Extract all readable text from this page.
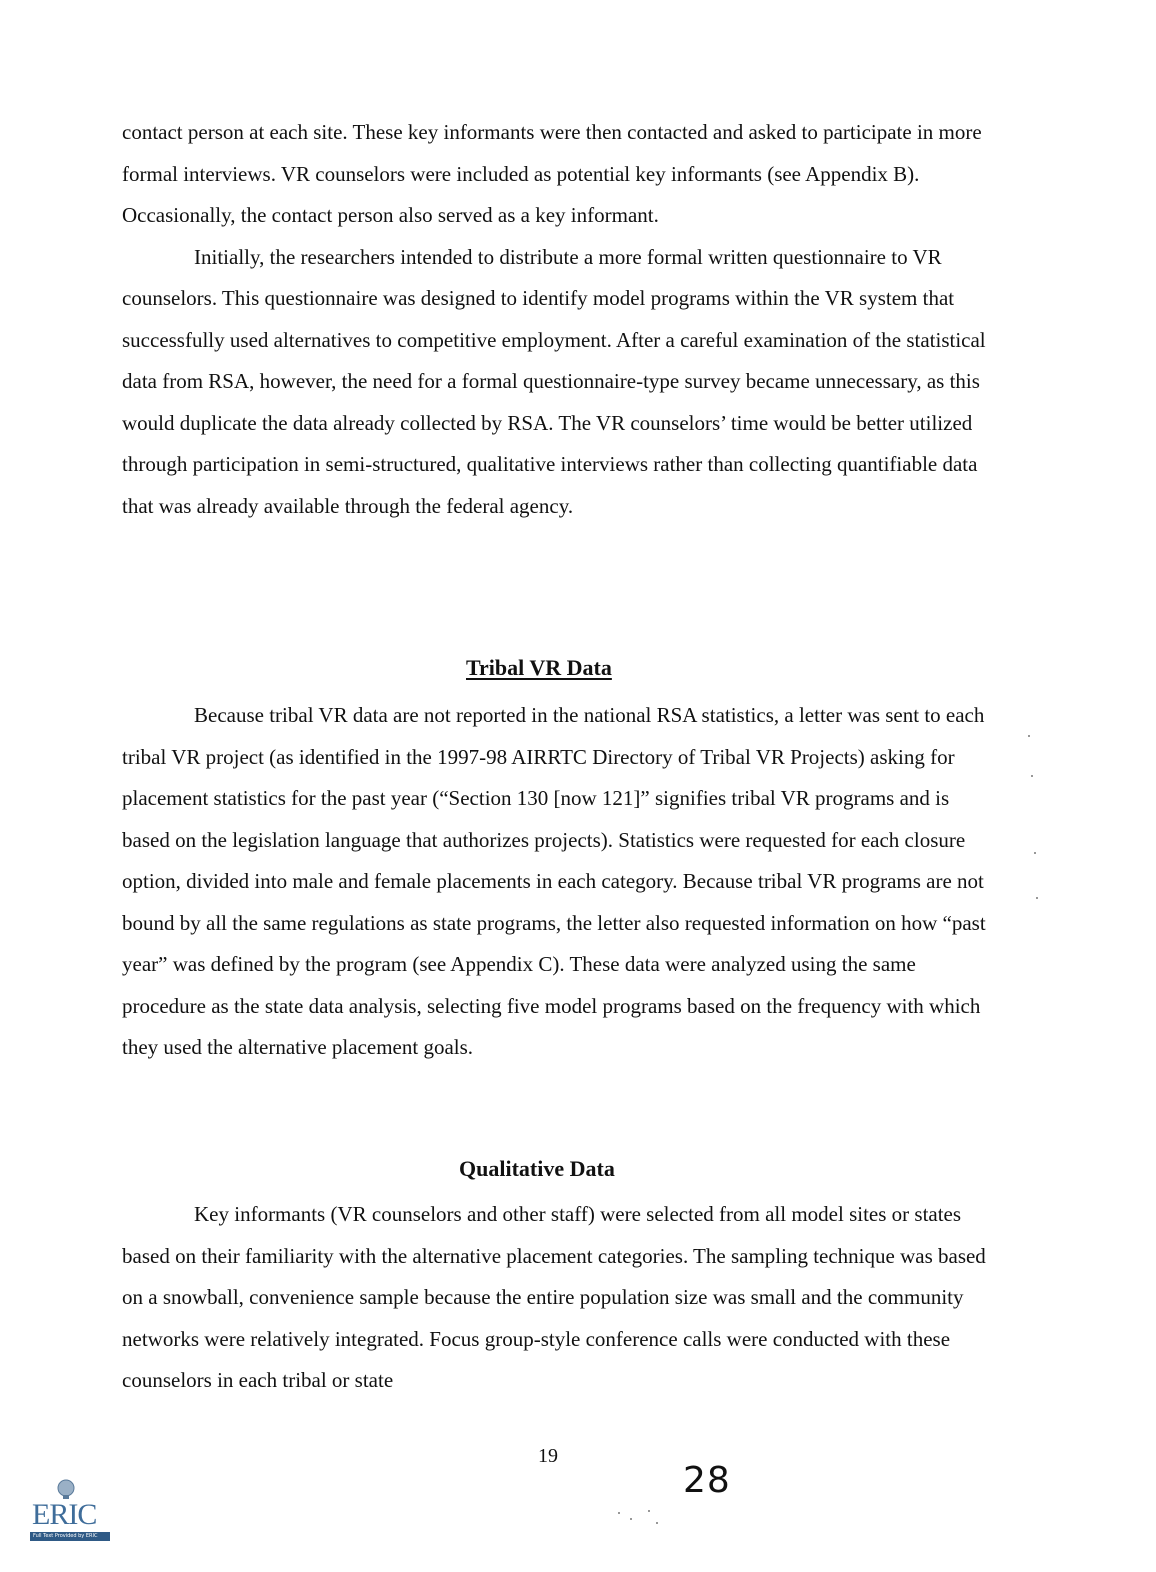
contact person at each site. These key informants were then contacted and asked to participate in more formal interviews. VR counselors were included as potential key informants (see Appendix B). Occasionally, the contact person also served as a key informant.

Initially, the researchers intended to distribute a more formal written questionnaire to VR counselors. This questionnaire was designed to identify model programs within the VR system that successfully used alternatives to competitive employment. After a careful examination of the statistical data from RSA, however, the need for a formal questionnaire-type survey became unnecessary, as this would duplicate the data already collected by RSA. The VR counselors’ time would be better utilized through participation in semi-structured, qualitative interviews rather than collecting quantifiable data that was already available through the federal agency.

Tribal VR Data

Because tribal VR data are not reported in the national RSA statistics, a letter was sent to each tribal VR project (as identified in the 1997-98 AIRRTC Directory of Tribal VR Projects) asking for placement statistics for the past year (“Section 130 [now 121]” signifies tribal VR programs and is based on the legislation language that authorizes projects). Statistics were requested for each closure option, divided into male and female placements in each category. Because tribal VR programs are not bound by all the same regulations as state programs, the letter also requested information on how “past year” was defined by the program (see Appendix C). These data were analyzed using the same procedure as the state data analysis, selecting five model programs based on the frequency with which they used the alternative placement goals.

Qualitative Data

Key informants (VR counselors and other staff) were selected from all model sites or states based on their familiarity with the alternative placement categories. The sampling technique was based on a snowball, convenience sample because the entire population size was small and the community networks were relatively integrated. Focus group-style conference calls were conducted with these counselors in each tribal or state

19
28
ERIC
Full Text Provided by ERIC
